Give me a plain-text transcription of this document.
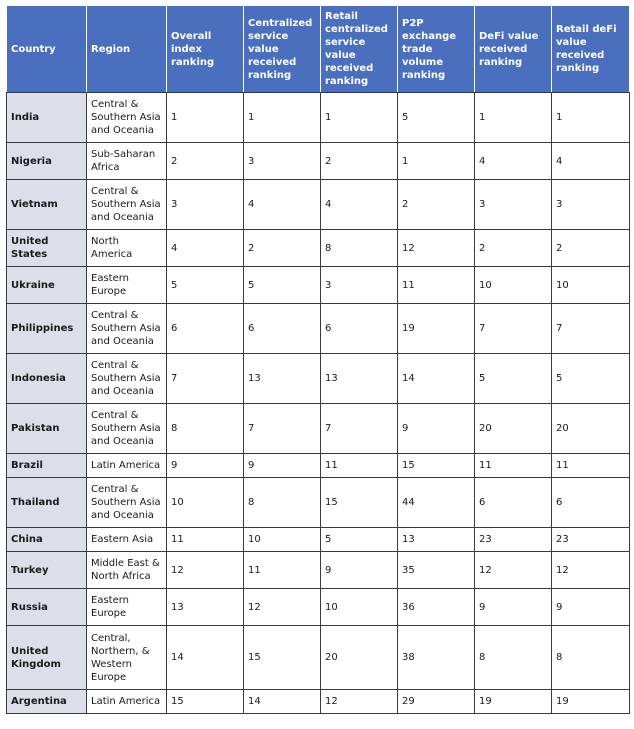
Country	Region	Overall index ranking	Centralized service value received ranking	Retail centralized service value received ranking	P2P exchange trade volume ranking	DeFi value received ranking	Retail deFi value received ranking
India	Central & Southern Asia and Oceania	1	1	1	5	1	1
Nigeria	Sub-Saharan Africa	2	3	2	1	4	4
Vietnam	Central & Southern Asia and Oceania	3	4	4	2	3	3
United States	North America	4	2	8	12	2	2
Ukraine	Eastern Europe	5	5	3	11	10	10
Philippines	Central & Southern Asia and Oceania	6	6	6	19	7	7
Indonesia	Central & Southern Asia and Oceania	7	13	13	14	5	5
Pakistan	Central & Southern Asia and Oceania	8	7	7	9	20	20
Brazil	Latin America	9	9	11	15	11	11
Thailand	Central & Southern Asia and Oceania	10	8	15	44	6	6
China	Eastern Asia	11	10	5	13	23	23
Turkey	Middle East & North Africa	12	11	9	35	12	12
Russia	Eastern Europe	13	12	10	36	9	9
United Kingdom	Central, Northern, & Western Europe	14	15	20	38	8	8
Argentina	Latin America	15	14	12	29	19	19
